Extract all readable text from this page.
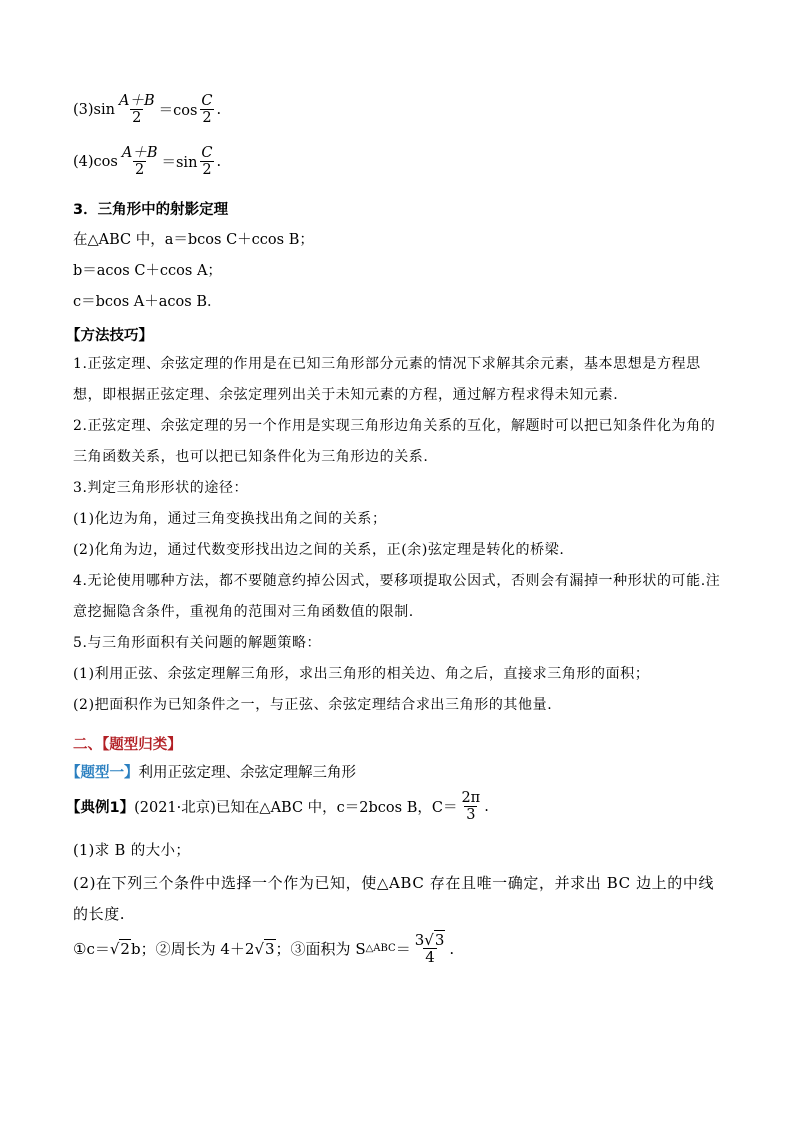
$(3)\sin \frac{A+B}{2} =\cos \frac{C}{2}$ .
$(4)\cos \frac{A+B}{2} =\sin \frac{C}{2}$ .
3．三角形中的射影定理
在△ABC 中，a＝bcos C＋ccos B；
b＝acos C＋ccos A；
c＝bcos A＋acos B．
【方法技巧】
1.正弦定理、余弦定理的作用是在已知三角形部分元素的情况下求解其余元素，基本思想是方程思想，即根据正弦定理、余弦定理列出关于未知元素的方程，通过解方程求得未知元素.
2.正弦定理、余弦定理的另一个作用是实现三角形边角关系的互化，解题时可以把已知条件化为角的三角函数关系，也可以把已知条件化为三角形边的关系.
3.判定三角形形状的途径：
(1)化边为角，通过三角变换找出角之间的关系；
(2)化角为边，通过代数变形找出边之间的关系，正(余)弦定理是转化的桥梁.
4.无论使用哪种方法，都不要随意约掉公因式，要移项提取公因式，否则会有漏掉一种形状的可能.注意挖掘隐含条件，重视角的范围对三角函数值的限制.
5.与三角形面积有关问题的解题策略：
(1)利用正弦、余弦定理解三角形，求出三角形的相关边、角之后，直接求三角形的面积；
(2)把面积作为已知条件之一，与正弦、余弦定理结合求出三角形的其他量.
二、【题型归类】
【题型一】利用正弦定理、余弦定理解三角形
【典例1】 (2021·北京)已知在△ABC 中，c＝2bcos B，$C= \frac{2\pi}{3}$ .
(1)求 B 的大小；
(2)在下列三个条件中选择一个作为已知，使△ABC 存在且唯一确定，并求出 BC 边上的中线的长度.
①c＝ √2 b；②周长为 4＋2 √3 ；③面积为 S △ABC ＝ $\frac{3√3}{4}$ .
